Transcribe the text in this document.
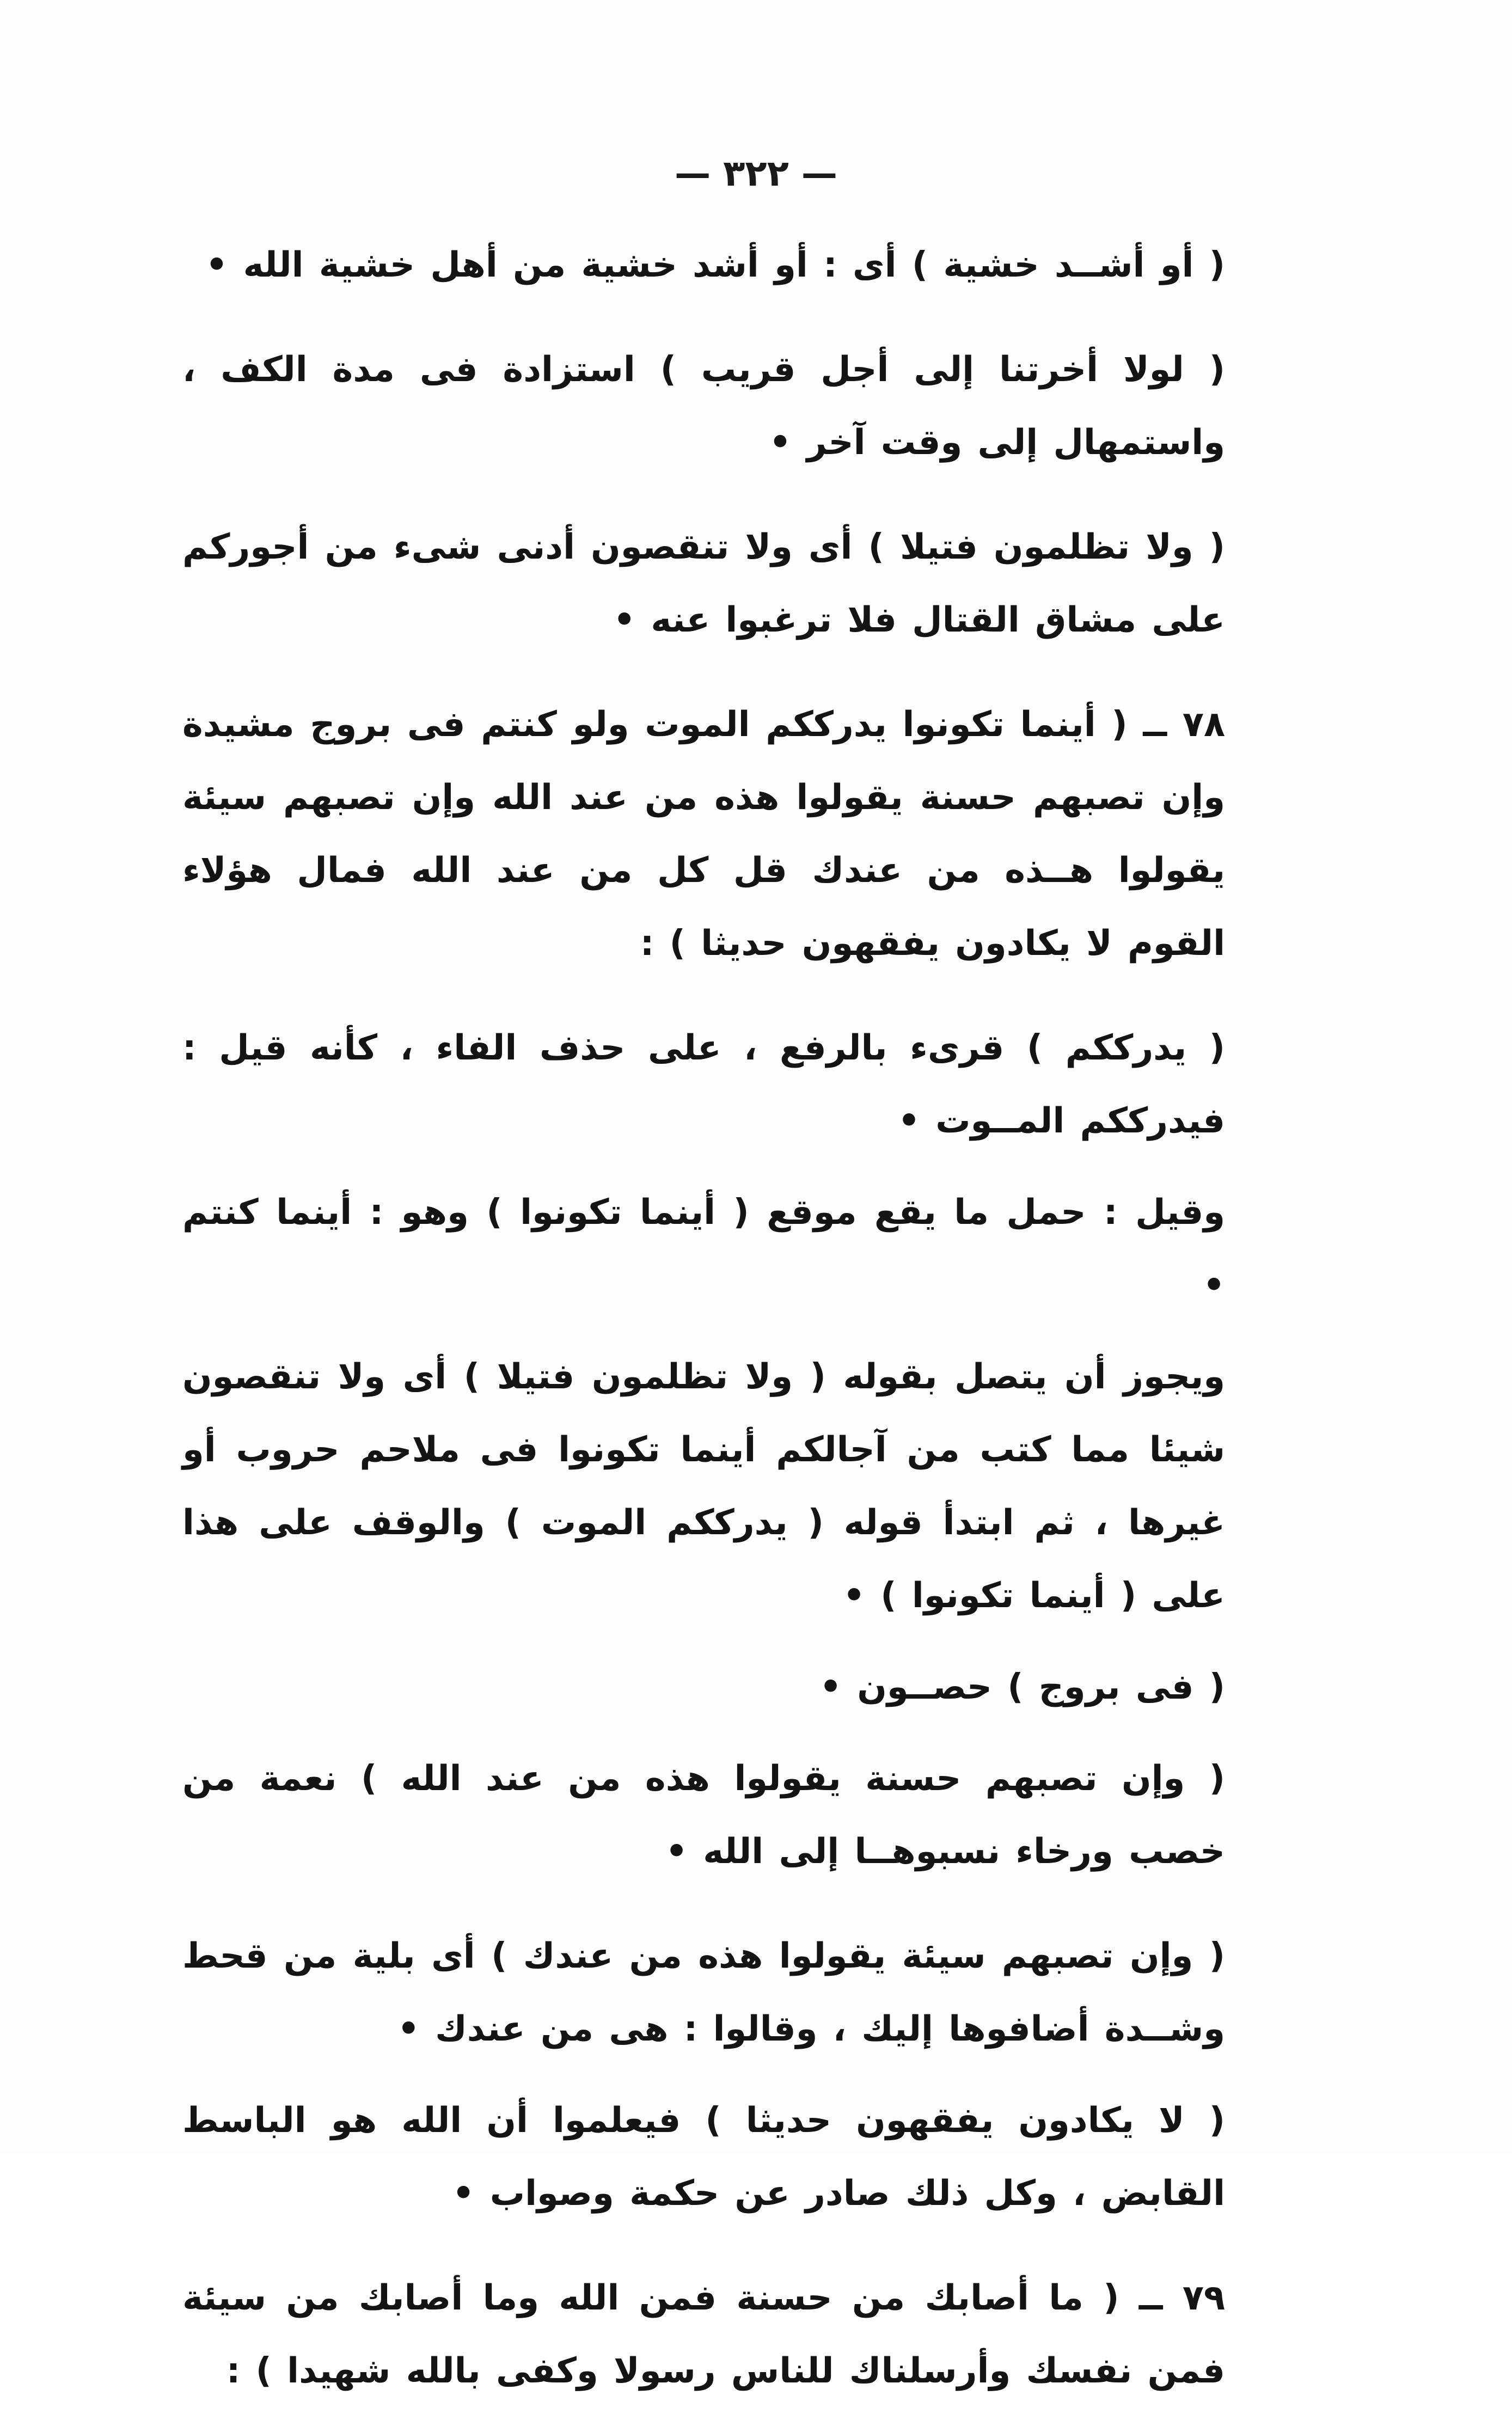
— ٣٢٢ —

( أو أشــد خشية ) أى : أو أشد خشية من أهل خشية الله •

( لولا أخرتنا إلى أجل قريب ) استزادة فى مدة الكف ، واستمهال إلى وقت آخر •

( ولا تظلمون فتيلا ) أى ولا تنقصون أدنى شىء من أجوركم على مشاق القتال فلا ترغبوا عنه •

٧٨ ــ ( أينما تكونوا يدرككم الموت ولو كنتم فى بروج مشيدة وإن تصبهم حسنة يقولوا هذه من عند الله وإن تصبهم سيئة يقولوا هــذه من عندك قل كل من عند الله فمال هؤلاء القوم لا يكادون يفقهون حديثا ) :

( يدرككم ) قرىء بالرفع ، على حذف الفاء ، كأنه قيل : فيدرككم المــوت •

وقيل : حمل ما يقع موقع ( أينما تكونوا ) وهو : أينما كنتم •

ويجوز أن يتصل بقوله ( ولا تظلمون فتيلا ) أى ولا تنقصون شيئا مما كتب من آجالكم أينما تكونوا فى ملاحم حروب أو غيرها ، ثم ابتدأ قوله ( يدرككم الموت ) والوقف على هذا على ( أينما تكونوا ) •

( فى بروج ) حصــون •

( وإن تصبهم حسنة يقولوا هذه من عند الله ) نعمة من خصب ورخاء نسبوهــا إلى الله •

( وإن تصبهم سيئة يقولوا هذه من عندك ) أى بلية من قحط وشــدة أضافوها إليك ، وقالوا : هى من عندك •

( لا يكادون يفقهون حديثا ) فيعلموا أن الله هو الباسط القابض ، وكل ذلك صادر عن حكمة وصواب •

٧٩ ــ ( ما أصابك من حسنة فمن الله وما أصابك من سيئة فمن نفسك وأرسلناك للناس رسولا وكفى بالله شهيدا ) :
